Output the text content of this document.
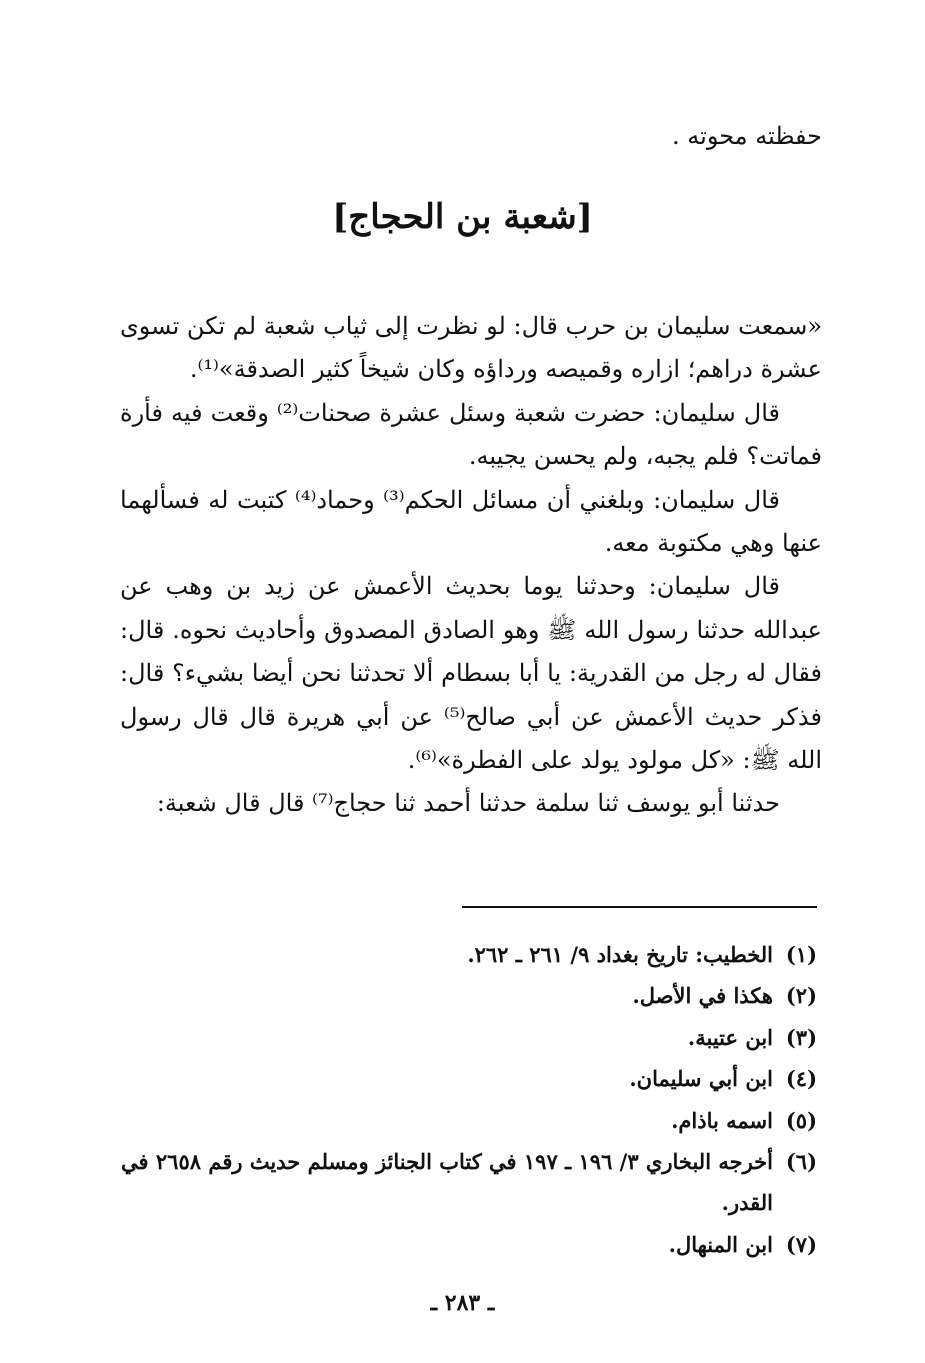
حفظته محوته .
[شعبة بن الحجاج]

«سمعت سليمان بن حرب قال: لو نظرت إلى ثياب شعبة لم تكن تسوى عشرة دراهم؛ ازاره وقميصه ورداؤه وكان شيخاً كثير الصدقة»⁽¹⁾.

قال سليمان: حضرت شعبة وسئل عشرة صحنات⁽²⁾ وقعت فيه فأرة فماتت؟ فلم يجبه، ولم يحسن يجيبه.

قال سليمان: وبلغني أن مسائل الحكم⁽³⁾ وحماد⁽⁴⁾ كتبت له فسألهما عنها وهي مكتوبة معه.

قال سليمان: وحدثنا يوما بحديث الأعمش عن زيد بن وهب عن عبدالله حدثنا رسول الله ﷺ وهو الصادق المصدوق وأحاديث نحوه. قال: فقال له رجل من القدرية: يا أبا بسطام ألا تحدثنا نحن أيضا بشيء؟ قال: فذكر حديث الأعمش عن أبي صالح⁽⁵⁾ عن أبي هريرة قال قال رسول الله ﷺ: «كل مولود يولد على الفطرة»⁽⁶⁾.

حدثنا أبو يوسف ثنا سلمة حدثنا أحمد ثنا حجاج⁽⁷⁾ قال قال شعبة:

(١)
الخطيب: تاريخ بغداد ٩/ ٢٦١ ـ ٢٦٢.
(٢)
هكذا في الأصل.
(٣)
ابن عتيبة.
(٤)
ابن أبي سليمان.
(٥)
اسمه باذام.
(٦)
أخرجه البخاري ٣/ ١٩٦ ـ ١٩٧ في كتاب الجنائز ومسلم حديث رقم ٢٦٥٨ في القدر.
(٧)
ابن المنهال.
ـ ٢٨٣ ـ
